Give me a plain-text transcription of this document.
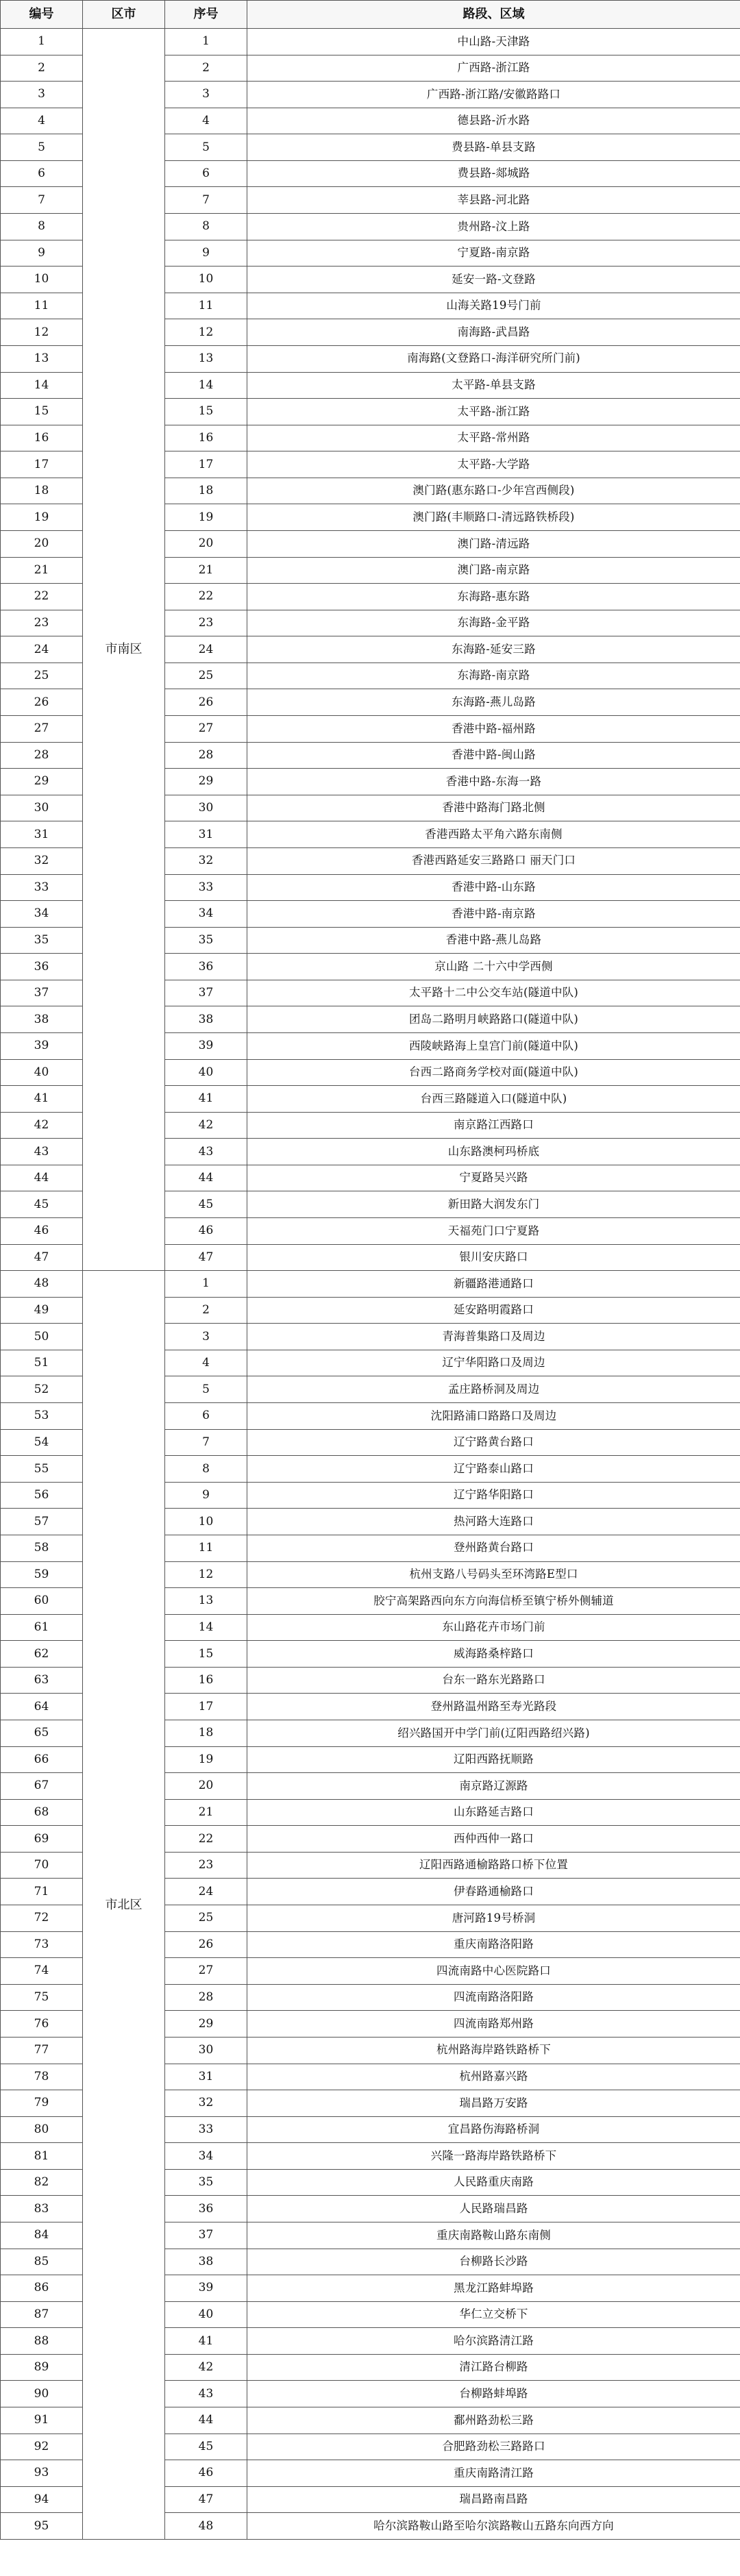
编号	区市	序号	路段、区域
1	市南区	1	中山路-天津路
2		2	广西路-浙江路
3		3	广西路-浙江路/安徽路路口
4		4	德县路-沂水路
5		5	费县路-单县支路
6		6	费县路-郯城路
7		7	莘县路-河北路
8		8	贵州路-汶上路
9		9	宁夏路-南京路
10		10	延安一路-文登路
11		11	山海关路19号门前
12		12	南海路-武昌路
13		13	南海路(文登路口-海洋研究所门前)
14		14	太平路-单县支路
15		15	太平路-浙江路
16		16	太平路-常州路
17		17	太平路-大学路
18		18	澳门路(惠东路口-少年宫西侧段)
19		19	澳门路(丰顺路口-清远路铁桥段)
20		20	澳门路-清远路
21		21	澳门路-南京路
22		22	东海路-惠东路
23		23	东海路-金平路
24		24	东海路-延安三路
25		25	东海路-南京路
26		26	东海路-燕儿岛路
27		27	香港中路-福州路
28		28	香港中路-闽山路
29		29	香港中路-东海一路
30		30	香港中路海门路北侧
31		31	香港西路太平角六路东南侧
32		32	香港西路延安三路路口 丽天门口
33		33	香港中路-山东路
34		34	香港中路-南京路
35		35	香港中路-燕儿岛路
36		36	京山路 二十六中学西侧
37		37	太平路十二中公交车站(隧道中队)
38		38	团岛二路明月峡路路口(隧道中队)
39		39	西陵峡路海上皇宫门前(隧道中队)
40		40	台西二路商务学校对面(隧道中队)
41		41	台西三路隧道入口(隧道中队)
42		42	南京路江西路口
43		43	山东路澳柯玛桥底
44		44	宁夏路吴兴路
45		45	新田路大润发东门
46		46	天福苑门口宁夏路
47		47	银川安庆路口
48	市北区	1	新疆路港通路口
49		2	延安路明霞路口
50		3	青海普集路口及周边
51		4	辽宁华阳路口及周边
52		5	孟庄路桥洞及周边
53		6	沈阳路浦口路路口及周边
54		7	辽宁路黄台路口
55		8	辽宁路泰山路口
56		9	辽宁路华阳路口
57		10	热河路大连路口
58		11	登州路黄台路口
59		12	杭州支路八号码头至环湾路E型口
60		13	胶宁高架路西向东方向海信桥至镇宁桥外侧辅道
61		14	东山路花卉市场门前
62		15	威海路桑梓路口
63		16	台东一路东光路路口
64		17	登州路温州路至寿光路段
65		18	绍兴路国开中学门前(辽阳西路绍兴路)
66		19	辽阳西路抚顺路
67		20	南京路辽源路
68		21	山东路延吉路口
69		22	西仲西仲一路口
70		23	辽阳西路通榆路路口桥下位置
71		24	伊春路通榆路口
72		25	唐河路19号桥洞
73		26	重庆南路洛阳路
74		27	四流南路中心医院路口
75		28	四流南路洛阳路
76		29	四流南路郑州路
77		30	杭州路海岸路铁路桥下
78		31	杭州路嘉兴路
79		32	瑞昌路万安路
80		33	宜昌路伤海路桥洞
81		34	兴隆一路海岸路铁路桥下
82		35	人民路重庆南路
83		36	人民路瑞昌路
84		37	重庆南路鞍山路东南侧
85		38	台柳路长沙路
86		39	黑龙江路蚌埠路
87		40	华仁立交桥下
88		41	哈尔滨路清江路
89		42	清江路台柳路
90		43	台柳路蚌埠路
91		44	鄱州路劲松三路
92		45	合肥路劲松三路路口
93		46	重庆南路清江路
94		47	瑞昌路南昌路
95		48	哈尔滨路鞍山路至哈尔滨路鞍山五路东向西方向
